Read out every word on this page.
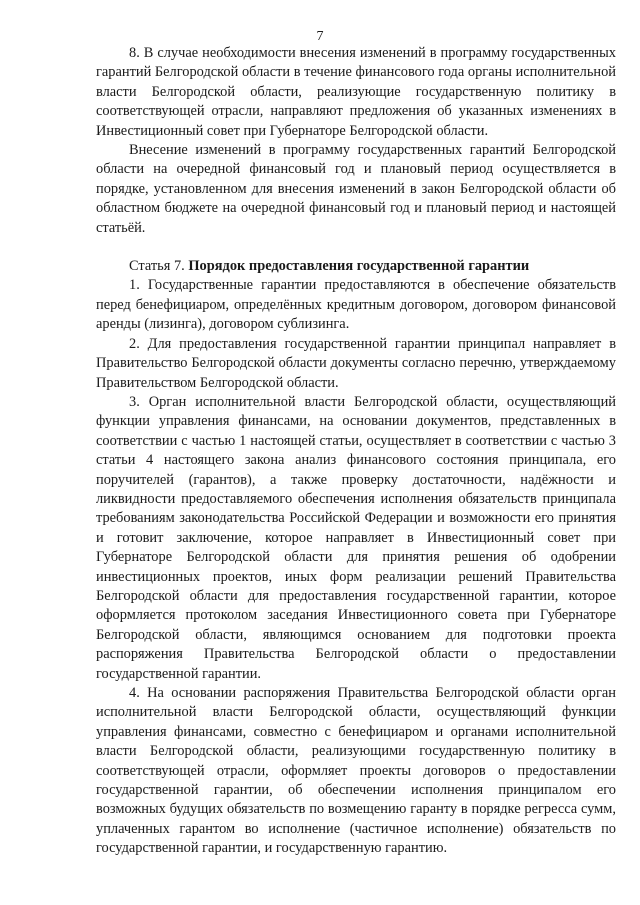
7

8. В случае необходимости внесения изменений в программу государственных гарантий Белгородской области в течение финансового года органы исполнительной власти Белгородской области, реализующие государственную политику в соответствующей отрасли, направляют предложения об указанных изменениях в Инвестиционный совет при Губернаторе Белгородской области.

Внесение изменений в программу государственных гарантий Белгородской области на очередной финансовый год и плановый период осуществляется в порядке, установленном для внесения изменений в закон Белгородской области об областном бюджете на очередной финансовый год и плановый период и настоящей статьёй.

Статья 7. Порядок предоставления государственной гарантии

1. Государственные гарантии предоставляются в обеспечение обязательств перед бенефициаром, определённых кредитным договором, договором финансовой аренды (лизинга), договором сублизинга.

2. Для предоставления государственной гарантии принципал направляет в Правительство Белгородской области документы согласно перечню, утверждаемому Правительством Белгородской области.

3. Орган исполнительной власти Белгородской области, осуществляющий функции управления финансами, на основании документов, представленных в соответствии с частью 1 настоящей статьи, осуществляет в соответствии с частью 3 статьи 4 настоящего закона анализ финансового состояния принципала, его поручителей (гарантов), а также проверку достаточности, надёжности и ликвидности предоставляемого обеспечения исполнения обязательств принципала требованиям законодательства Российской Федерации и возможности его принятия и готовит заключение, которое направляет в Инвестиционный совет при Губернаторе Белгородской области для принятия решения об одобрении инвестиционных проектов, иных форм реализации решений Правительства Белгородской области для предоставления государственной гарантии, которое оформляется протоколом заседания Инвестиционного совета при Губернаторе Белгородской области, являющимся основанием для подготовки проекта распоряжения Правительства Белгородской области о предоставлении государственной гарантии.

4. На основании распоряжения Правительства Белгородской области орган исполнительной власти Белгородской области, осуществляющий функции управления финансами, совместно с бенефициаром и органами исполнительной власти Белгородской области, реализующими государственную политику в соответствующей отрасли, оформляет проекты договоров о предоставлении государственной гарантии, об обеспечении исполнения принципалом его возможных будущих обязательств по возмещению гаранту в порядке регресса сумм, уплаченных гарантом во исполнение (частичное исполнение) обязательств по государственной гарантии, и государственную гарантию.
